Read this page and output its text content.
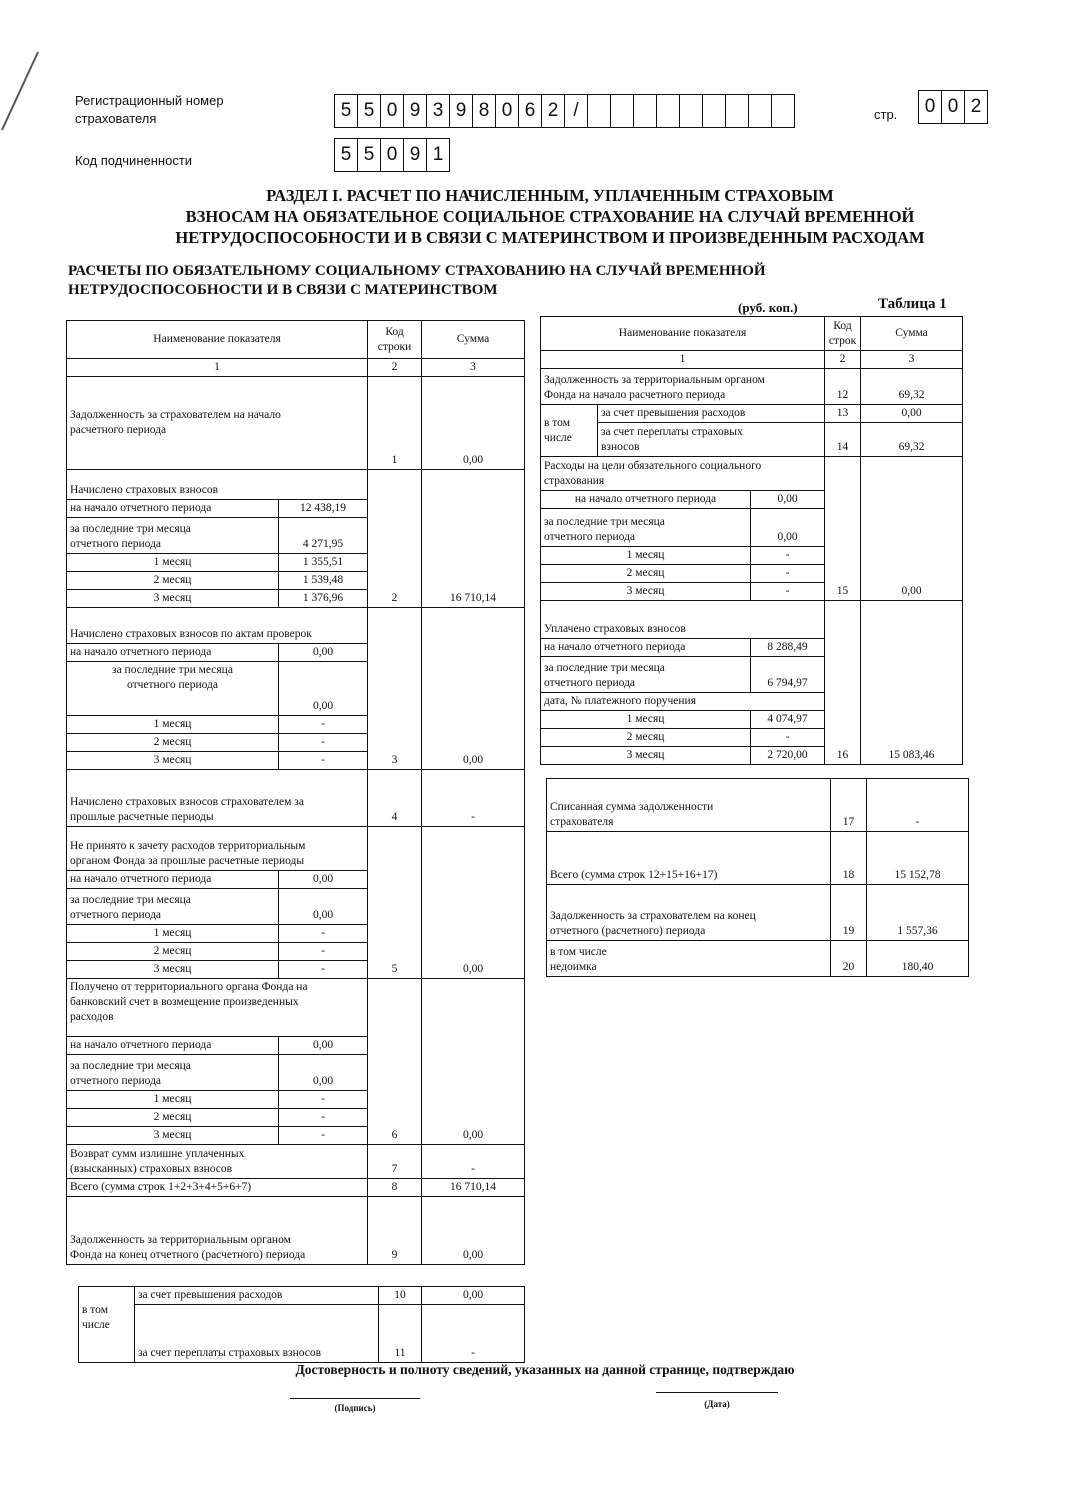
Регистрационный номер
страхователя	5 5 0 9 3 9 8 0 6 2 /	стр.	0 0 2
Код подчиненности	5 5 0 9 1
РАЗДЕЛ I. РАСЧЕТ ПО НАЧИСЛЕННЫМ, УПЛАЧЕННЫМ СТРАХОВЫМ
ВЗНОСАМ НА ОБЯЗАТЕЛЬНОЕ СОЦИАЛЬНОЕ СТРАХОВАНИЕ НА СЛУЧАЙ ВРЕМЕННОЙ
НЕТРУДОСПОСОБНОСТИ И В СВЯЗИ С МАТЕРИНСТВОМ И ПРОИЗВЕДЕННЫМ РАСХОДАМ
РАСЧЕТЫ ПО ОБЯЗАТЕЛЬНОМУ СОЦИАЛЬНОМУ СТРАХОВАНИЮ НА СЛУЧАЙ ВРЕМЕННОЙ
НЕТРУДОСПОСОБНОСТИ И В СВЯЗИ С МАТЕРИНСТВОМ
(руб. коп.)	Таблица 1
Наименование показателя		Код
строки	Сумма
1		2	3
Задолженность за страхователем на начало
расчетного периода		1	0,00
Начислено страховых взносов		2	16 710,14
на начало отчетного периода	12 438,19		
за последние три месяца
отчетного периода	4 271,95		
1 месяц	1 355,51		
2 месяц	1 539,48		
3 месяц	1 376,96		

Начислено страховых взносов по актам проверок		3	0,00
на начало отчетного периода	0,00		
за последние три месяца
отчетного периода	0,00		
1 месяц	-		
2 месяц	-		
3 месяц	-		
Начислено страховых взносов страхователем за
прошлые расчетные периоды		4	-
Не принято к зачету расходов территориальным
органом Фонда за прошлые расчетные периоды		5	0,00
на начало отчетного периода	0,00		
за последние три месяца
отчетного периода	0,00		
1 месяц	-		
2 месяц	-		
3 месяц	-		
Получено от территориального органа Фонда на
банковский счет в возмещение произведенных
расходов		6	0,00
на начало отчетного периода	0,00		
за последние три месяца
отчетного периода	0,00		
1 месяц	-		
2 месяц	-		
3 месяц	-		
Возврат сумм излишне уплаченных
(взысканных) страховых взносов		7	-
Всего (сумма строк 1+2+3+4+5+6+7)		8	16 710,14
Задолженность за территориальным органом
Фонда на конец отчетного (расчетного) периода		9	0,00

в том
числе	за счет превышения расходов	10	0,00
	за счет переплаты страховых взносов	11	-
Наименование показателя			Код
строк	Сумма
1			2	3
Задолженность за территориальным органом
Фонда на начало расчетного периода			12	69,32
в том
числе	за счет превышения расходов		13	0,00
	за счет переплаты страховых
взносов		14	69,32
Расходы на цели обязательного социального
страхования			15	0,00
на начало отчетного периода		0,00		
за последние три месяца
отчетного периода		0,00		
1 месяц		-		
2 месяц		-		
3 месяц		-		
Уплачено страховых взносов			16	15 083,46
на начало отчетного периода		8 288,49		
за последние три месяца
отчетного периода		6 794,97		
дата, № платежного поручения				
1 месяц		4 074,97		
2 месяц		-		
3 месяц		2 720,00		
Списанная сумма задолженности
страхователя	17	-
Всего (сумма строк 12+15+16+17)	18	15 152,78
Задолженность за страхователем на конец
отчетного (расчетного) периода	19	1 557,36
в том числе
недоимка	20	180,40
Достоверность и полноту сведений, указанных на данной странице, подтверждаю
(Подпись)	(Дата)
